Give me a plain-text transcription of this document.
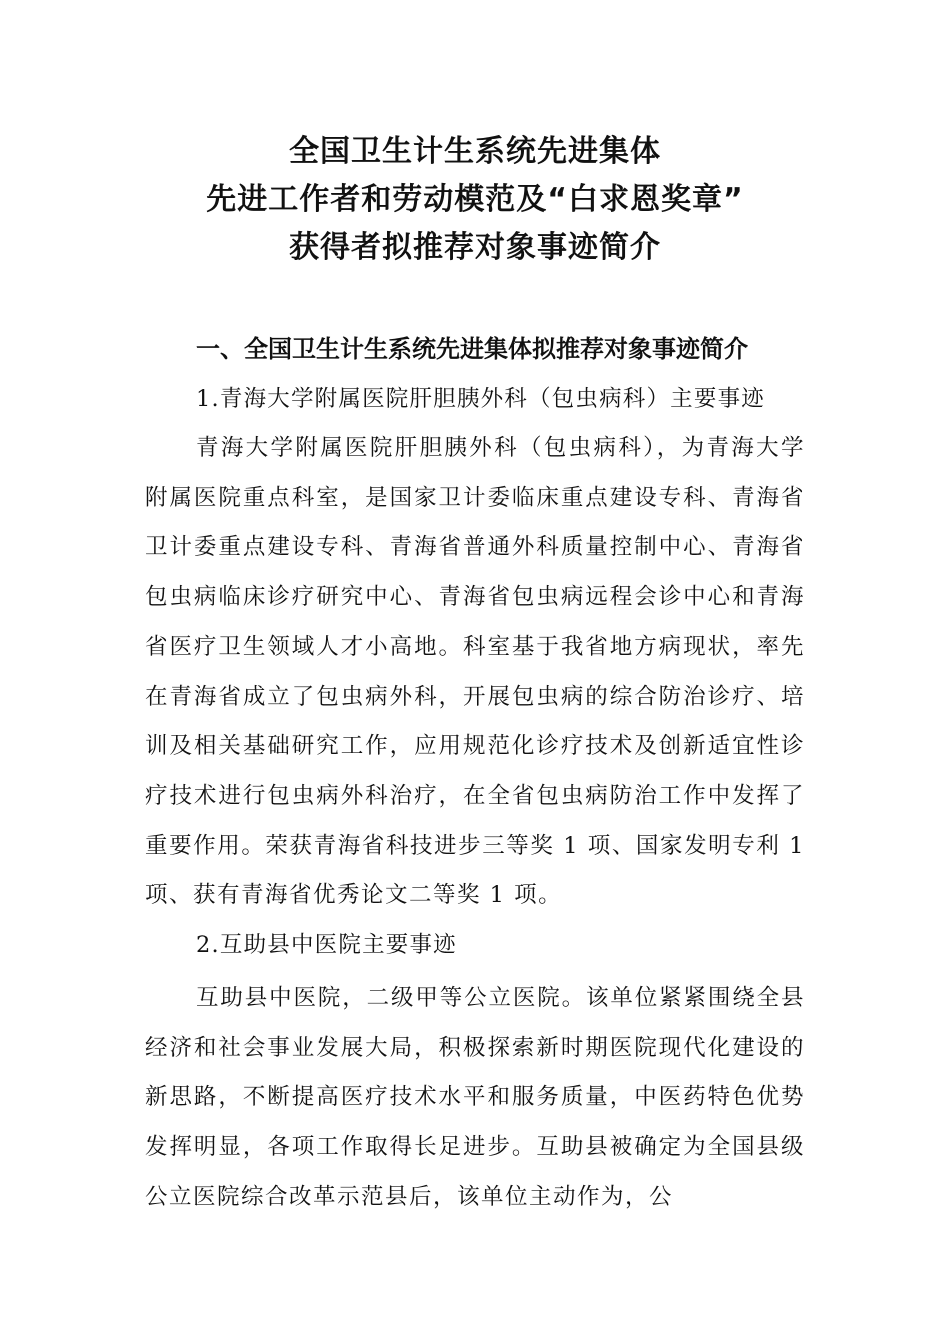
全国卫生计生系统先进集体
先进工作者和劳动模范及“白求恩奖章”
获得者拟推荐对象事迹简介
一、全国卫生计生系统先进集体拟推荐对象事迹简介
1.青海大学附属医院肝胆胰外科（包虫病科）主要事迹

青海大学附属医院肝胆胰外科（包虫病科），为青海大学附属医院重点科室，是国家卫计委临床重点建设专科、青海省卫计委重点建设专科、青海省普通外科质量控制中心、青海省包虫病临床诊疗研究中心、青海省包虫病远程会诊中心和青海省医疗卫生领域人才小高地。科室基于我省地方病现状，率先在青海省成立了包虫病外科，开展包虫病的综合防治诊疗、培训及相关基础研究工作，应用规范化诊疗技术及创新适宜性诊疗技术进行包虫病外科治疗，在全省包虫病防治工作中发挥了重要作用。荣获青海省科技进步三等奖 1 项、国家发明专利 1 项、获有青海省优秀论文二等奖 1 项。

2.互助县中医院主要事迹

互助县中医院，二级甲等公立医院。该单位紧紧围绕全县经济和社会事业发展大局，积极探索新时期医院现代化建设的新思路，不断提高医疗技术水平和服务质量，中医药特色优势发挥明显，各项工作取得长足进步。互助县被确定为全国县级公立医院综合改革示范县后，该单位主动作为，公
